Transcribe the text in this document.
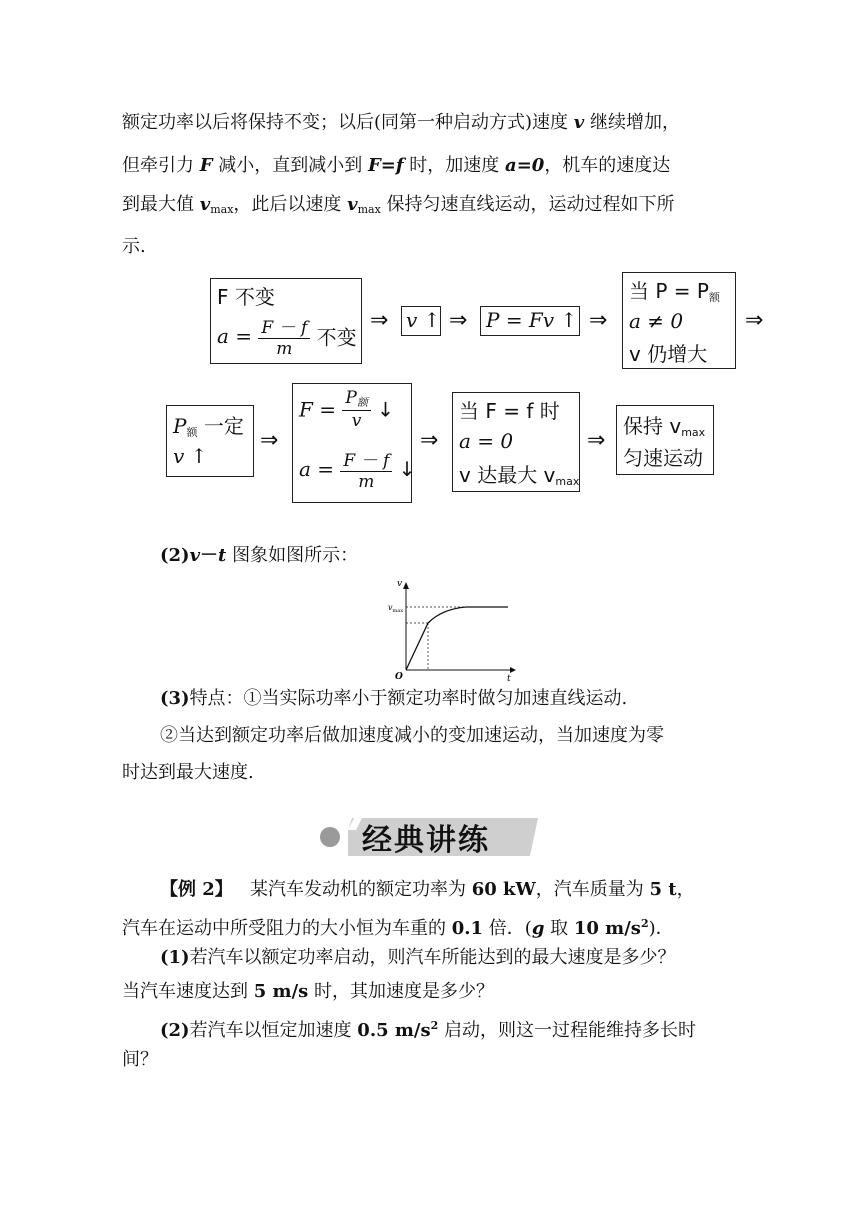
额定功率以后将保持不变；以后(同第一种启动方式)速度 v 继续增加，
但牵引力 F 减小，直到减小到 F=f 时，加速度 a=0，机车的速度达
到最大值 $v_{max}$，此后以速度 $v_{max}$ 保持匀速直线运动，运动过程如下所
示.
F 不变
$a = \frac{F - f}{m}$ 不变
⇒ v ↑ ⇒ P = Fv ↑ ⇒
当 $P = P_额$
a ≠ 0
v 仍增大
⇒
$P_额$ 一定
v ↑
⇒
$F = \frac{P_额}{v}$ ↓
$a = \frac{F - f}{m}$ ↓
⇒
当 F = f 时
a = 0
v 达最大 $v_{max}$
⇒
保持 $v_{max}$
匀速运动
(2)v－t 图象如图所示：
v
$v_{max}$
O	t
(3)特点：①当实际功率小于额定功率时做匀加速直线运动.
②当达到额定功率后做加速度减小的变加速运动，当加速度为零
时达到最大速度.
经典讲练
【例 2】 某汽车发动机的额定功率为 60 kW，汽车质量为 5 t，
汽车在运动中所受阻力的大小恒为车重的 0.1 倍．(g 取 10 $m/s^2$)．
(1)若汽车以额定功率启动，则汽车所能达到的最大速度是多少？
当汽车速度达到 5 m/s 时，其加速度是多少？
(2)若汽车以恒定加速度 0.5 $m/s^2$ 启动，则这一过程能维持多长时
间？
